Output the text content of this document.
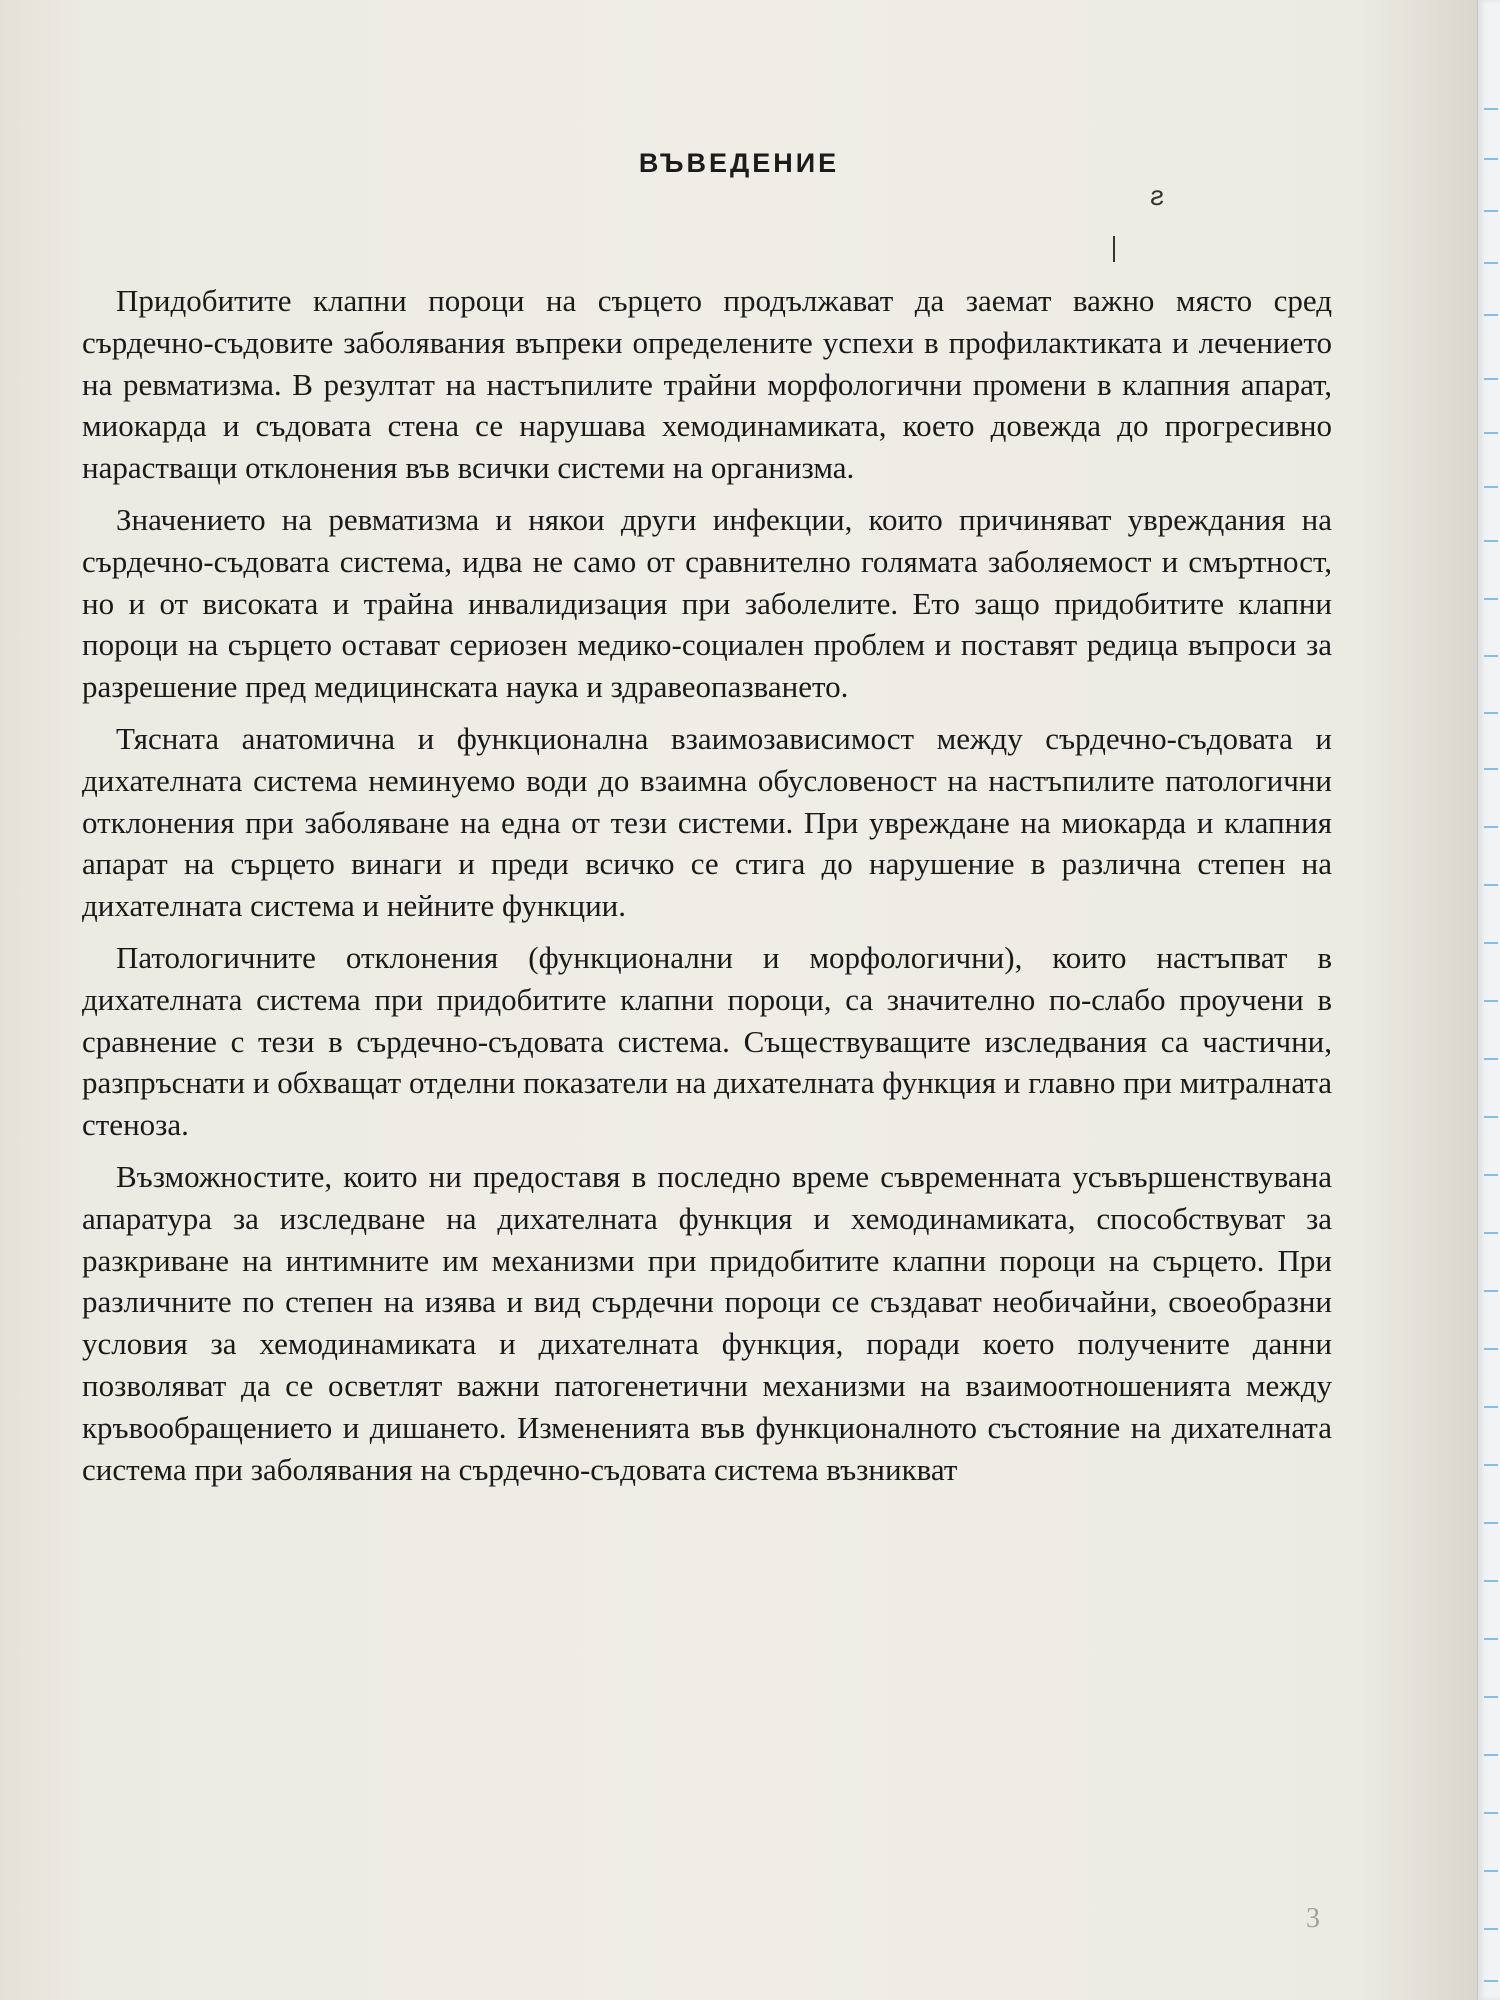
ВЪВЕДЕНИЕ
ƨ

Придобитите клапни пороци на сърцето продължават да заемат важно място сред сърдечно-съдовите заболявания въпреки определените успехи в профилактиката и лечението на ревматизма. В резултат на настъпилите трайни морфологични промени в клапния апарат, миокарда и съдовата стена се нарушава хемодинамиката, което довежда до прогресивно нарастващи отклонения във всички системи на организма.

Значението на ревматизма и някои други инфекции, които причиняват увреждания на сърдечно-съдовата система, идва не само от сравнително голямата заболяемост и смъртност, но и от високата и трайна инвалидизация при заболелите. Ето защо придобитите клапни пороци на сърцето остават сериозен медико-социален проблем и поставят редица въпроси за разрешение пред медицинската наука и здравеопазването.

Тясната анатомична и функционална взаимозависимост между сърдечно-съдовата и дихателната система неминуемо води до взаимна обусловеност на настъпилите патологични отклонения при заболяване на една от тези системи. При увреждане на миокарда и клапния апарат на сърцето винаги и преди всичко се стига до нарушение в различна степен на дихателната система и нейните функции.

Патологичните отклонения (функционални и морфологични), които настъпват в дихателната система при придобитите клапни пороци, са значително по-слабо проучени в сравнение с тези в сърдечно-съдовата система. Съществуващите изследвания са частични, разпръснати и обхващат отделни показатели на дихателната функция и главно при митралната стеноза.

Възможностите, които ни предоставя в последно време съвременната усъвършенствувана апаратура за изследване на дихателната функция и хемодинамиката, способствуват за разкриване на интимните им механизми при придобитите клапни пороци на сърцето. При различните по степен на изява и вид сърдечни пороци се създават необичайни, своеобразни условия за хемодинамиката и дихателната функция, поради което получените данни позволяват да се осветлят важни патогенетични механизми на взаимоотношенията между кръвообращението и дишането. Измененията във функционалното състояние на дихателната система при заболявания на сърдечно-съдовата система възникват

3
